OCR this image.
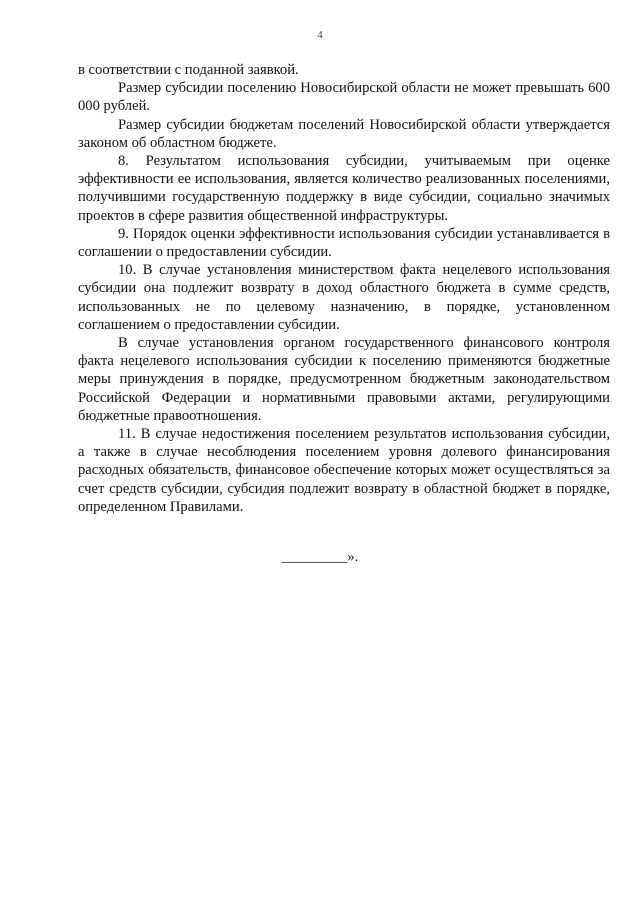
4

в соответствии с поданной заявкой.

Размер субсидии поселению Новосибирской области не может превышать 600 000 рублей.

Размер субсидии бюджетам поселений Новосибирской области утверждается законом об областном бюджете.

8. Результатом использования субсидии, учитываемым при оценке эффективности ее использования, является количество реализованных поселениями, получившими государственную поддержку в виде субсидии, социально значимых проектов в сфере развития общественной инфраструктуры.

9. Порядок оценки эффективности использования субсидии устанавливается в соглашении о предоставлении субсидии.

10. В случае установления министерством факта нецелевого использования субсидии она подлежит возврату в доход областного бюджета в сумме средств, использованных не по целевому назначению, в порядке, установленном соглашением о предоставлении субсидии.

В случае установления органом государственного финансового контроля факта нецелевого использования субсидии к поселению применяются бюджетные меры принуждения в порядке, предусмотренном бюджетным законодательством Российской Федерации и нормативными правовыми актами, регулирующими бюджетные правоотношения.

11. В случае недостижения поселением результатов использования субсидии, а также в случае несоблюдения поселением уровня долевого финансирования расходных обязательств, финансовое обеспечение которых может осуществляться за счет средств субсидии, субсидия подлежит возврату в областной бюджет в порядке, определенном Правилами.

_________».
